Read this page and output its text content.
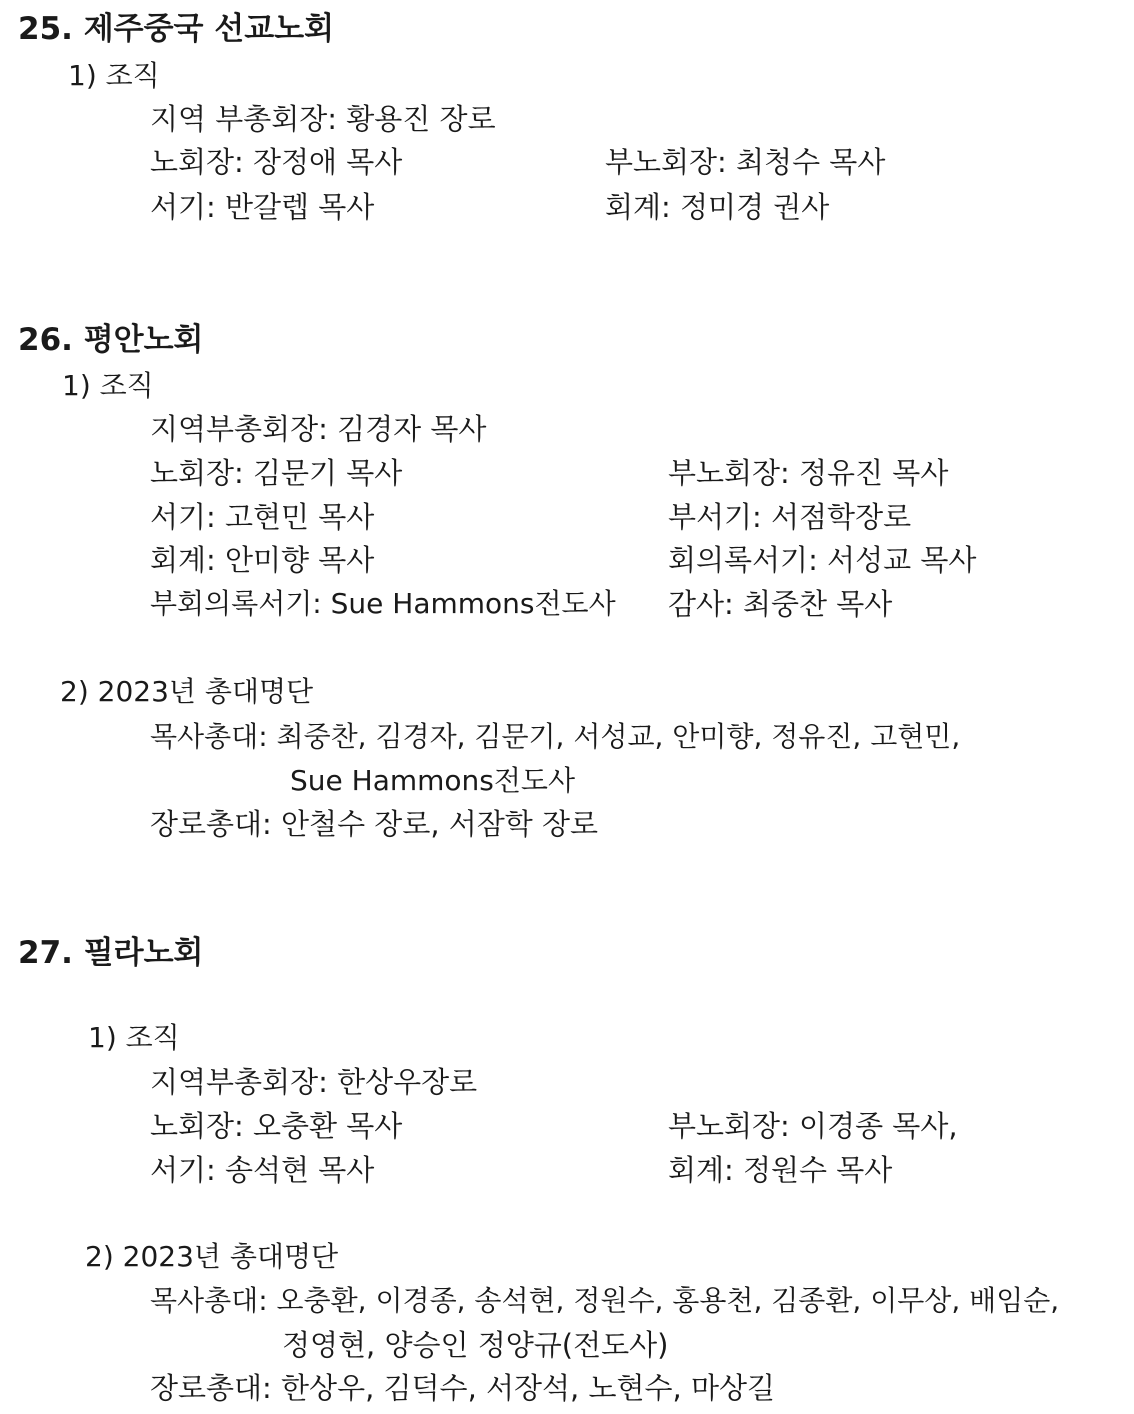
25. 제주중국 선교노회
1) 조직
지역 부총회장: 황용진 장로
노회장: 장정애 목사	부노회장: 최청수 목사
서기: 반갈렙 목사	회계: 정미경 권사
26. 평안노회
1) 조직
지역부총회장: 김경자 목사
노회장: 김문기 목사	부노회장: 정유진 목사
서기: 고현민 목사	부서기: 서점학장로
회계: 안미향 목사	회의록서기: 서성교 목사
부회의록서기: Sue Hammons전도사 감사: 최중찬 목사
2) 2023년 총대명단
목사총대: 최중찬, 김경자, 김문기, 서성교, 안미향, 정유진, 고현민,
Sue Hammons전도사
장로총대: 안철수 장로, 서잠학 장로
27. 필라노회
1) 조직
지역부총회장: 한상우장로
노회장: 오충환 목사	부노회장: 이경종 목사,
서기: 송석현 목사	회계: 정원수 목사
2) 2023년 총대명단
목사총대: 오충환, 이경종, 송석현, 정원수, 홍용천, 김종환, 이무상, 배임순,
정영현, 양승인 정양규(전도사)
장로총대: 한상우, 김덕수, 서장석, 노현수, 마상길
